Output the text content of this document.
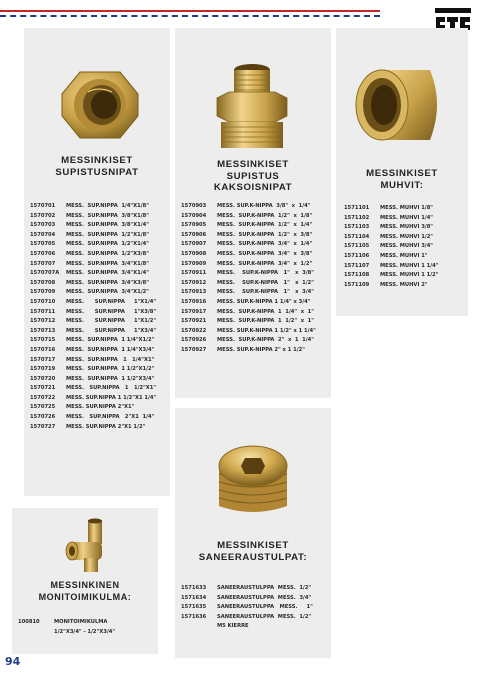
MESSINKISET
SUPISTUSNIPAT
1570701	MESS.  SUP.NIPPA  1/4"X1/8"
1570702	MESS.  SUP.NIPPA  3/8"X1/8"
1570703	MESS.  SUP.NIPPA  3/8"X1/4"
1570704	MESS.  SUP.NIPPA  1/2"X1/8"
1570705	MESS.  SUP.NIPPA  1/2"X1/4"
1570706	MESS.  SUP.NIPPA  1/2"X3/8"
1570707	MESS.  SUP.NIPPA  3/4"X1/8"
1570707A	MESS.  SUP.NIPPA  3/4"X1/4"
1570708	MESS.  SUP.NIPPA  3/4"X3/8"
1570709	MESS.  SUP.NIPPA  3/4"X1/2"
1570710	MESS.      SUP.NIPPA     1"X1/4"
1570711	MESS.      SUP.NIPPA     1"X3/8"
1570712	MESS.      SUP.NIPPA     1"X1/2"
1570713	MESS.      SUP.NIPPA     1"X3/4"
1570715	MESS.  SUP.NIPPA  1 1/4"X1/2"
1570716	MESS.  SUP.NIPPA  1 1/4"X3/4"
1570717	MESS.  SUP.NIPPA   1   1/4"X1"
1570719	MESS.  SUP.NIPPA  1 1/2"X1/2"
1570720	MESS.  SUP.NIPPA  1 1/2"X3/4"
1570721	MESS.   SUP.NIPPA   1   1/2"X1"
1570722	MESS. SUP.NIPPA 1 1/2"X1 1/4"
1570725	MESS. SUP.NIPPA 2"X1"
1570726	MESS.   SUP.NIPPA   2"X1  1/4"
1570727	MESS. SUP.NIPPA 2"X1 1/2"
MESSINKISET
SUPISTUS
KAKSOISNIPAT
1570903	MESS. SUP.K-NIPPA  3/8"  x  1/4"
1570904	MESS.  SUP.K-NIPPA  1/2"  x  1/8"
1570905	MESS.  SUP.K-NIPPA  1/2"  x  1/4"
1570906	MESS.  SUP.K-NIPPA  1/2"  x  3/8"
1570907	MESS.  SUP.K-NIPPA  3/4"  x  1/4"
1570908	MESS.  SUP.K-NIPPA  3/4"  x  3/8"
1570909	MESS.  SUP.K-NIPPA  3/4"  x  1/2"
1570911	MESS.    SUP.K-NIPPA   1"   x  3/8"
1570912	MESS.    SUP.K-NIPPA   1"   x  1/2"
1570913	MESS.    SUP.K-NIPPA   1"   x  3/4"
1570916	MESS. SUP.K-NIPPA 1 1/4" x 3/4"
1570917	MESS.  SUP.K-NIPPA  1  1/4"  x  1"
1570921	MESS.  SUP.K-NIPPA  1  1/2"  x  1"
1570922	MESS. SUP.K-NIPPA 1 1/2" x 1 1/4"
1570926	MESS.  SUP.K-NIPPA  2"  x  1  1/4"
1570927	MESS. SUP.K-NIPPA 2" x 1 1/2"
MESSINKISET
MUHVIT:
1571101	MESS. MUHVI 1/8"
1571102	MESS. MUHVI 1/4"
1571103	MESS. MUHVI 3/8"
1571104	MESS. MUHVI 1/2"
1571105	MESS. MUHVI 3/4"
1571106	MESS. MUHVI 1"
1571107	MESS. MUHVI 1 1/4"
1571108	MESS. MUHVI 1 1/2"
1571109	MESS. MUHVI 2"
MESSINKISET
SANEERAUSTULPAT:
1571633	SANEERAUSTULPPA  MESS.  1/2"
1571634	SANEERAUSTULPPA  MESS.  3/4"
1571635	SANEERAUSTULPPA   MESS.     1"
1571636	SANEERAUSTULPPA  MESS.  1/2"
M5 KIERRE
MESSINKINEN
MONITOIMIKULMA:
100810	MONITOIMIKULMA
1/2"X3/4" - 1/2"X3/4"
94
